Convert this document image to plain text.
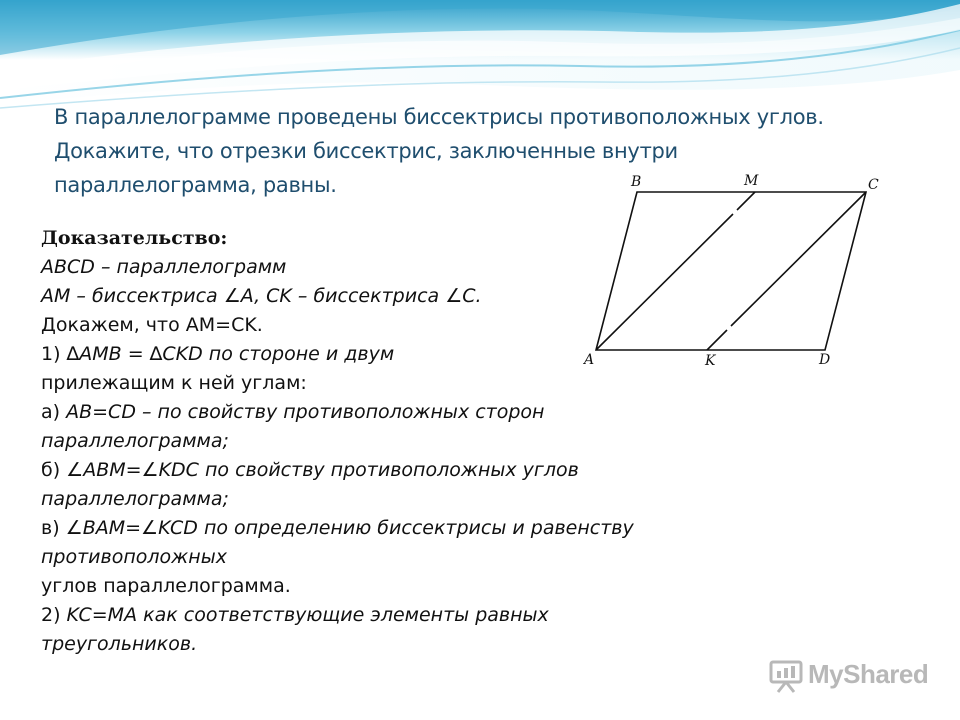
В параллелограмме проведены биссектрисы противоположных углов.
Докажите, что отрезки биссектрис, заключенные внутри
параллелограмма, равны.
Доказательство:
ABCD – параллелограмм
AM – биссектриса ∠A, CK – биссектриса ∠C.
Докажем, что AM=CK.
1) ∆AMB = ∆CKD по стороне и двум
прилежащим к ней углам:
а) AB=CD – по свойству противоположных сторон
параллелограмма;
б) ∠ABM=∠KDC по свойству противоположных углов
параллелограмма;
в) ∠BAM=∠KCD по определению биссектрисы и равенству
противоположных
углов параллелограмма.
2) KC=MA как соответствующие элементы равных
треугольников.
B	M	C
A	K	D
MyShared
